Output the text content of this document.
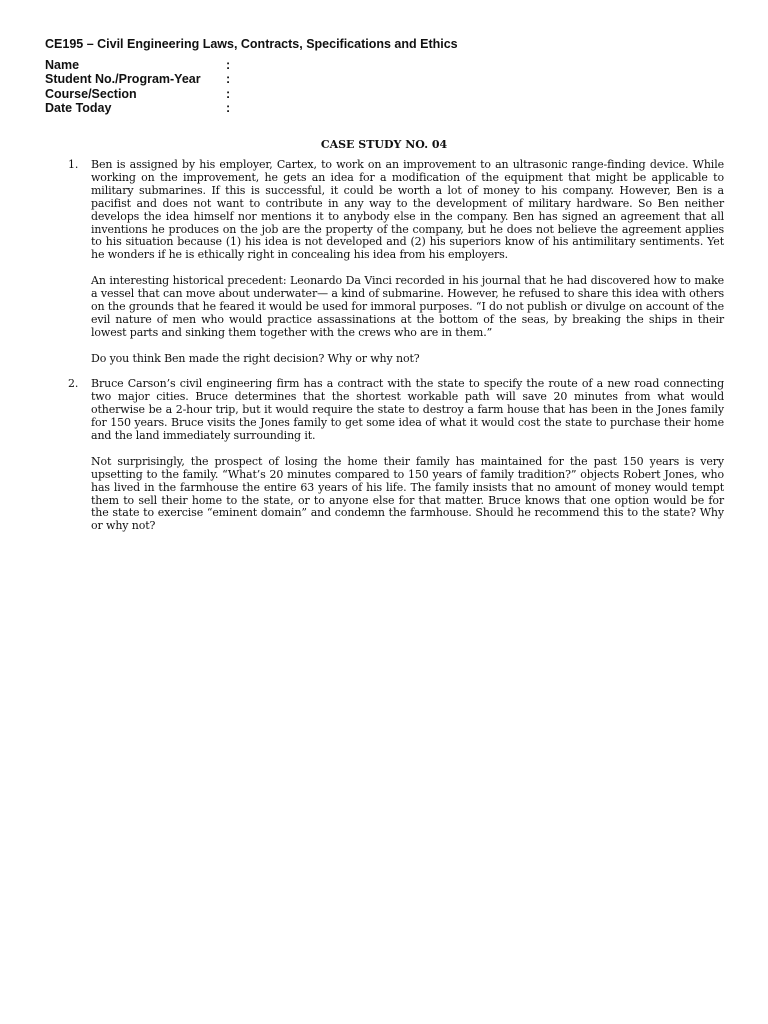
CE195 – Civil Engineering Laws, Contracts, Specifications and Ethics
Name	:
Student No./Program-Year :
Course/Section	:
Date Today	:
CASE STUDY NO. 04
1. Ben is assigned by his employer, Cartex, to work on an improvement to an ultrasonic range-finding device. While working on the improvement, he gets an idea for a modification of the equipment that might be applicable to military submarines. If this is successful, it could be worth a lot of money to his company. However, Ben is a pacifist and does not want to contribute in any way to the development of military hardware. So Ben neither develops the idea himself nor mentions it to anybody else in the company. Ben has signed an agreement that all inventions he produces on the job are the property of the company, but he does not believe the agreement applies to his situation because (1) his idea is not developed and (2) his superiors know of his antimilitary sentiments. Yet he wonders if he is ethically right in concealing his idea from his employers.

An interesting historical precedent: Leonardo Da Vinci recorded in his journal that he had discovered how to make a vessel that can move about underwater— a kind of submarine. However, he refused to share this idea with others on the grounds that he feared it would be used for immoral purposes. “I do not publish or divulge on account of the evil nature of men who would practice assassinations at the bottom of the seas, by breaking the ships in their lowest parts and sinking them together with the crews who are in them.”

Do you think Ben made the right decision? Why or why not?

2. Bruce Carson’s civil engineering firm has a contract with the state to specify the route of a new road connecting two major cities. Bruce determines that the shortest workable path will save 20 minutes from what would otherwise be a 2-hour trip, but it would require the state to destroy a farm house that has been in the Jones family for 150 years. Bruce visits the Jones family to get some idea of what it would cost the state to purchase their home and the land immediately surrounding it.

Not surprisingly, the prospect of losing the home their family has maintained for the past 150 years is very upsetting to the family. “What’s 20 minutes compared to 150 years of family tradition?” objects Robert Jones, who has lived in the farmhouse the entire 63 years of his life. The family insists that no amount of money would tempt them to sell their home to the state, or to anyone else for that matter. Bruce knows that one option would be for the state to exercise “eminent domain” and condemn the farmhouse. Should he recommend this to the state? Why or why not?
